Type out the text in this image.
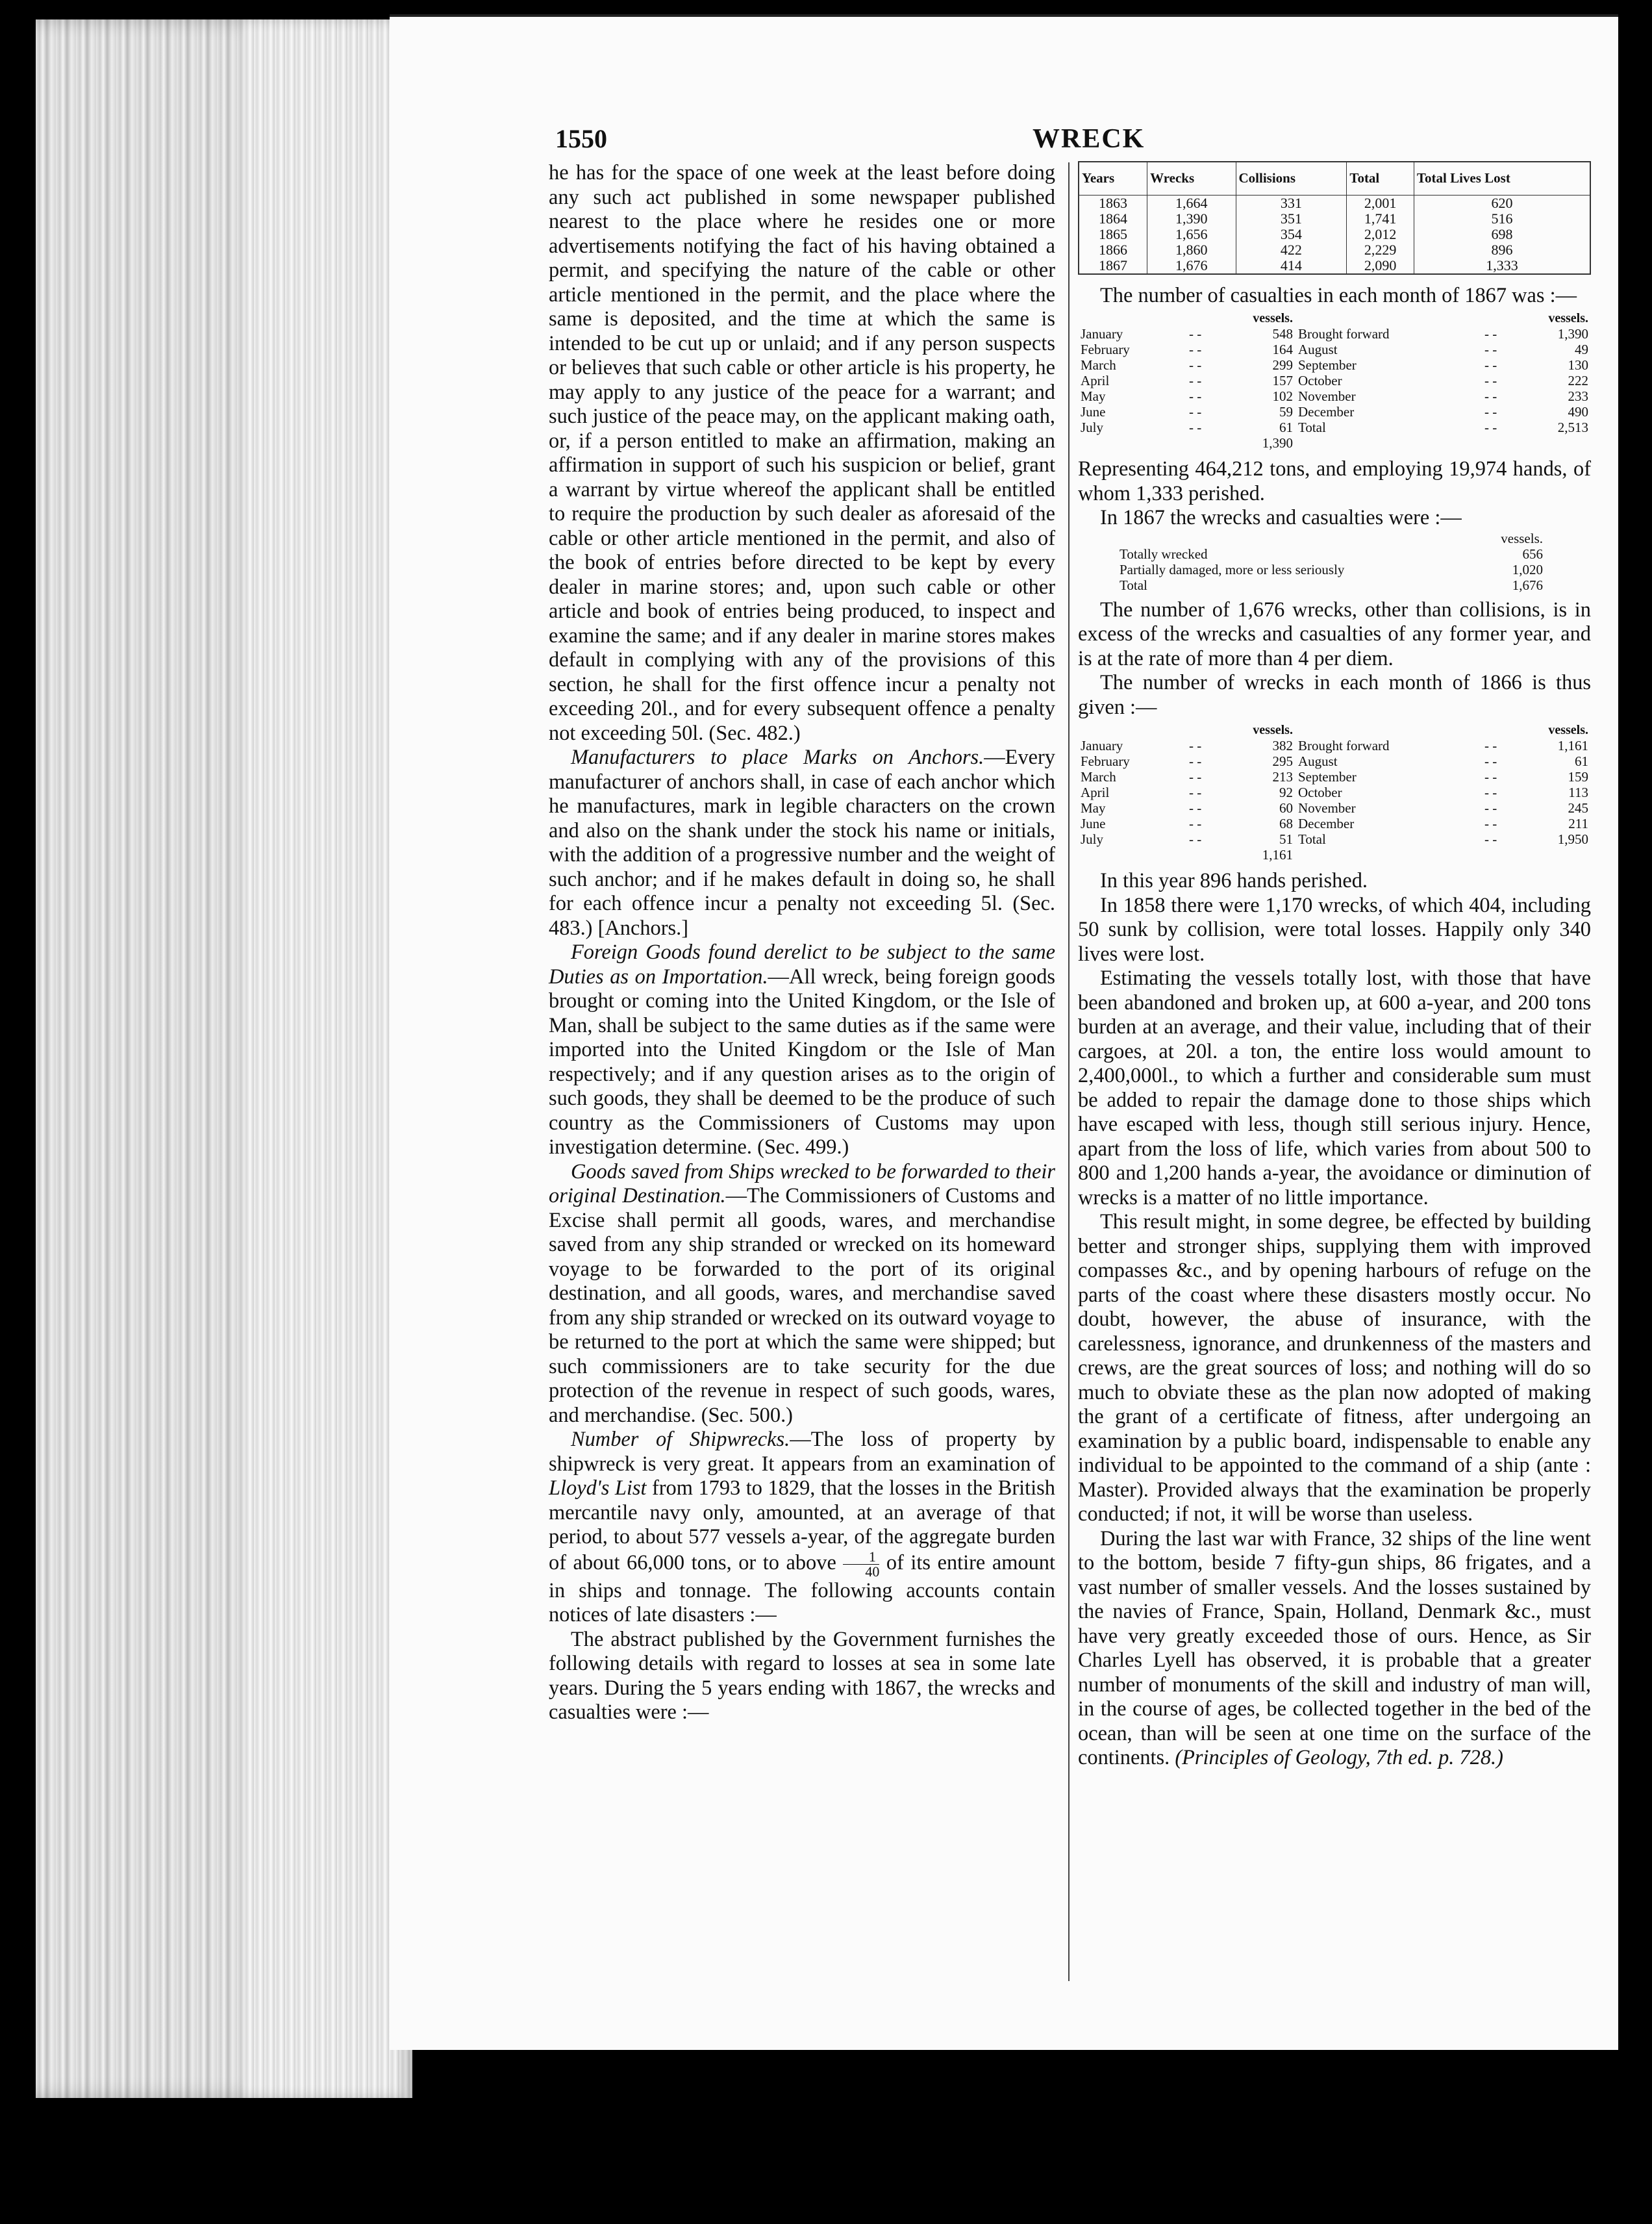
1550	WRECK

he has for the space of one week at the least before doing any such act published in some newspaper published nearest to the place where he resides one or more advertisements notifying the fact of his having obtained a permit, and specifying the nature of the cable or other article mentioned in the permit, and the place where the same is deposited, and the time at which the same is intended to be cut up or unlaid; and if any person suspects or believes that such cable or other article is his property, he may apply to any justice of the peace for a warrant; and such justice of the peace may, on the applicant making oath, or, if a person entitled to make an affirmation, making an affirmation in support of such his suspicion or belief, grant a warrant by virtue whereof the applicant shall be entitled to require the production by such dealer as aforesaid of the cable or other article mentioned in the permit, and also of the book of entries before directed to be kept by every dealer in marine stores; and, upon such cable or other article and book of entries being produced, to inspect and examine the same; and if any dealer in marine stores makes default in complying with any of the provisions of this section, he shall for the first offence incur a penalty not exceeding 20l., and for every subsequent offence a penalty not exceeding 50l. (Sec. 482.)

Manufacturers to place Marks on Anchors.—Every manufacturer of anchors shall, in case of each anchor which he manufactures, mark in legible characters on the crown and also on the shank under the stock his name or initials, with the addition of a progressive number and the weight of such anchor; and if he makes default in doing so, he shall for each offence incur a penalty not exceeding 5l. (Sec. 483.) [Anchors.]

Foreign Goods found derelict to be subject to the same Duties as on Importation.—All wreck, being foreign goods brought or coming into the United Kingdom, or the Isle of Man, shall be subject to the same duties as if the same were imported into the United Kingdom or the Isle of Man respectively; and if any question arises as to the origin of such goods, they shall be deemed to be the produce of such country as the Commissioners of Customs may upon investigation determine. (Sec. 499.)

Goods saved from Ships wrecked to be forwarded to their original Destination.—The Commissioners of Customs and Excise shall permit all goods, wares, and merchandise saved from any ship stranded or wrecked on its homeward voyage to be forwarded to the port of its original destination, and all goods, wares, and merchandise saved from any ship stranded or wrecked on its outward voyage to be returned to the port at which the same were shipped; but such commissioners are to take security for the due protection of the revenue in respect of such goods, wares, and merchandise. (Sec. 500.)

Number of Shipwrecks.—The loss of property by shipwreck is very great. It appears from an examination of Lloyd's List from 1793 to 1829, that the losses in the British mercantile navy only, amounted, at an average of that period, to about 577 vessels a-year, of the aggregate burden of about 66,000 tons, or to above $\frac{1}{40}$ of its entire amount in ships and tonnage. The following accounts contain notices of late disasters :—

The abstract published by the Government furnishes the following details with regard to losses at sea in some late years. During the 5 years ending with 1867, the wrecks and casualties were :—

Years	Wrecks	Collisions	Total	Total Lives Lost
1863	1,664	331	2,001	620
1864	1,390	351	1,741	516
1865	1,656	354	2,012	698
1866	1,860	422	2,229	896
1867	1,676	414	2,090	1,333

The number of casualties in each month of 1867 was :—

		vessels.			vessels.
January	- -	548	Brought forward	- -	1,390
February	- -	164	August	- -	49
March	- -	299	September	- -	130
April	- -	157	October	- -	222
May	- -	102	November	- -	233
June	- -	59	December	- -	490
July	- -	61	Total	- -	2,513
		1,390			

Representing 464,212 tons, and employing 19,974 hands, of whom 1,333 perished.

In 1867 the wrecks and casualties were :—

	vessels.
Totally wrecked	656
Partially damaged, more or less seriously	1,020
Total	1,676

The number of 1,676 wrecks, other than collisions, is in excess of the wrecks and casualties of any former year, and is at the rate of more than 4 per diem.

The number of wrecks in each month of 1866 is thus given :—

		vessels.			vessels.
January	- -	382	Brought forward	- -	1,161
February	- -	295	August	- -	61
March	- -	213	September	- -	159
April	- -	92	October	- -	113
May	- -	60	November	- -	245
June	- -	68	December	- -	211
July	- -	51	Total	- -	1,950
		1,161			

In this year 896 hands perished.

In 1858 there were 1,170 wrecks, of which 404, including 50 sunk by collision, were total losses. Happily only 340 lives were lost.

Estimating the vessels totally lost, with those that have been abandoned and broken up, at 600 a-year, and 200 tons burden at an average, and their value, including that of their cargoes, at 20l. a ton, the entire loss would amount to 2,400,000l., to which a further and considerable sum must be added to repair the damage done to those ships which have escaped with less, though still serious injury. Hence, apart from the loss of life, which varies from about 500 to 800 and 1,200 hands a-year, the avoidance or diminution of wrecks is a matter of no little importance.

This result might, in some degree, be effected by building better and stronger ships, supplying them with improved compasses &c., and by opening harbours of refuge on the parts of the coast where these disasters mostly occur. No doubt, however, the abuse of insurance, with the carelessness, ignorance, and drunkenness of the masters and crews, are the great sources of loss; and nothing will do so much to obviate these as the plan now adopted of making the grant of a certificate of fitness, after undergoing an examination by a public board, indispensable to enable any individual to be appointed to the command of a ship (ante : Master). Provided always that the examination be properly conducted; if not, it will be worse than useless.

During the last war with France, 32 ships of the line went to the bottom, beside 7 fifty-gun ships, 86 frigates, and a vast number of smaller vessels. And the losses sustained by the navies of France, Spain, Holland, Denmark &c., must have very greatly exceeded those of ours. Hence, as Sir Charles Lyell has observed, it is probable that a greater number of monuments of the skill and industry of man will, in the course of ages, be collected together in the bed of the ocean, than will be seen at one time on the surface of the continents. (Principles of Geology, 7th ed. p. 728.)
